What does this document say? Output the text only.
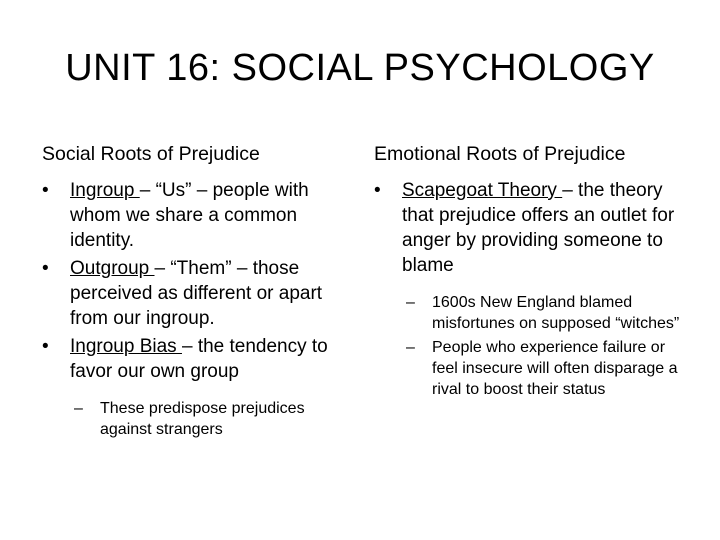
UNIT 16: SOCIAL PSYCHOLOGY
Social Roots of Prejudice
•	Ingroup – “Us” – people with whom we share a common identity.
•	Outgroup – “Them” – those perceived as different or apart from our ingroup.
•	Ingroup Bias – the tendency to favor our own group
–	These predispose prejudices against strangers
Emotional Roots of Prejudice
•	Scapegoat Theory – the theory that prejudice offers an outlet for anger by providing someone to blame
–	1600s New England blamed misfortunes on supposed “witches”
–	People who experience failure or feel insecure will often disparage a rival to boost their status
